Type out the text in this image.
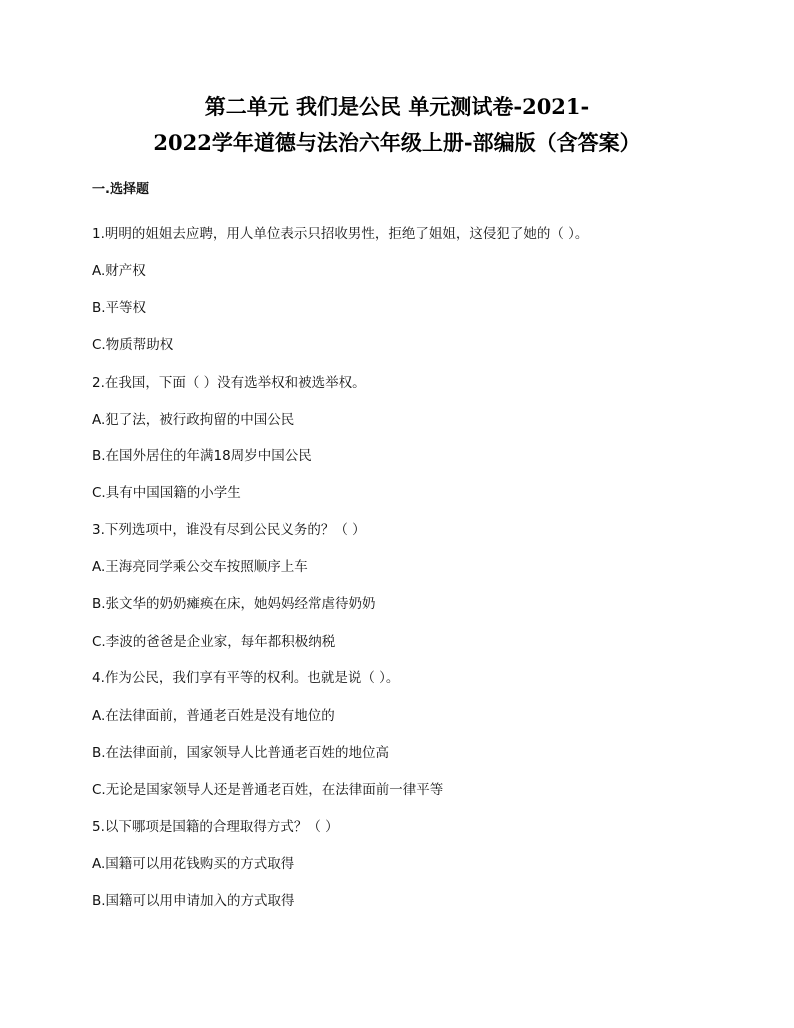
第二单元 我们是公民 单元测试卷-2021-
2022学年道德与法治六年级上册-部编版（含答案）
一.选择题
1.明明的姐姐去应聘，用人单位表示只招收男性，拒绝了姐姐，这侵犯了她的（ ）。
A.财产权
B.平等权
C.物质帮助权
2.在我国，下面（ ）没有选举权和被选举权。
A.犯了法，被行政拘留的中国公民
B.在国外居住的年满18周岁中国公民
C.具有中国国籍的小学生
3.下列选项中，谁没有尽到公民义务的？（ ）
A.王海亮同学乘公交车按照顺序上车
B.张文华的奶奶瘫痪在床，她妈妈经常虐待奶奶
C.李波的爸爸是企业家，每年都积极纳税
4.作为公民，我们享有平等的权利。也就是说（ ）。
A.在法律面前，普通老百姓是没有地位的
B.在法律面前，国家领导人比普通老百姓的地位高
C.无论是国家领导人还是普通老百姓，在法律面前一律平等
5.以下哪项是国籍的合理取得方式？（ ）
A.国籍可以用花钱购买的方式取得
B.国籍可以用申请加入的方式取得
